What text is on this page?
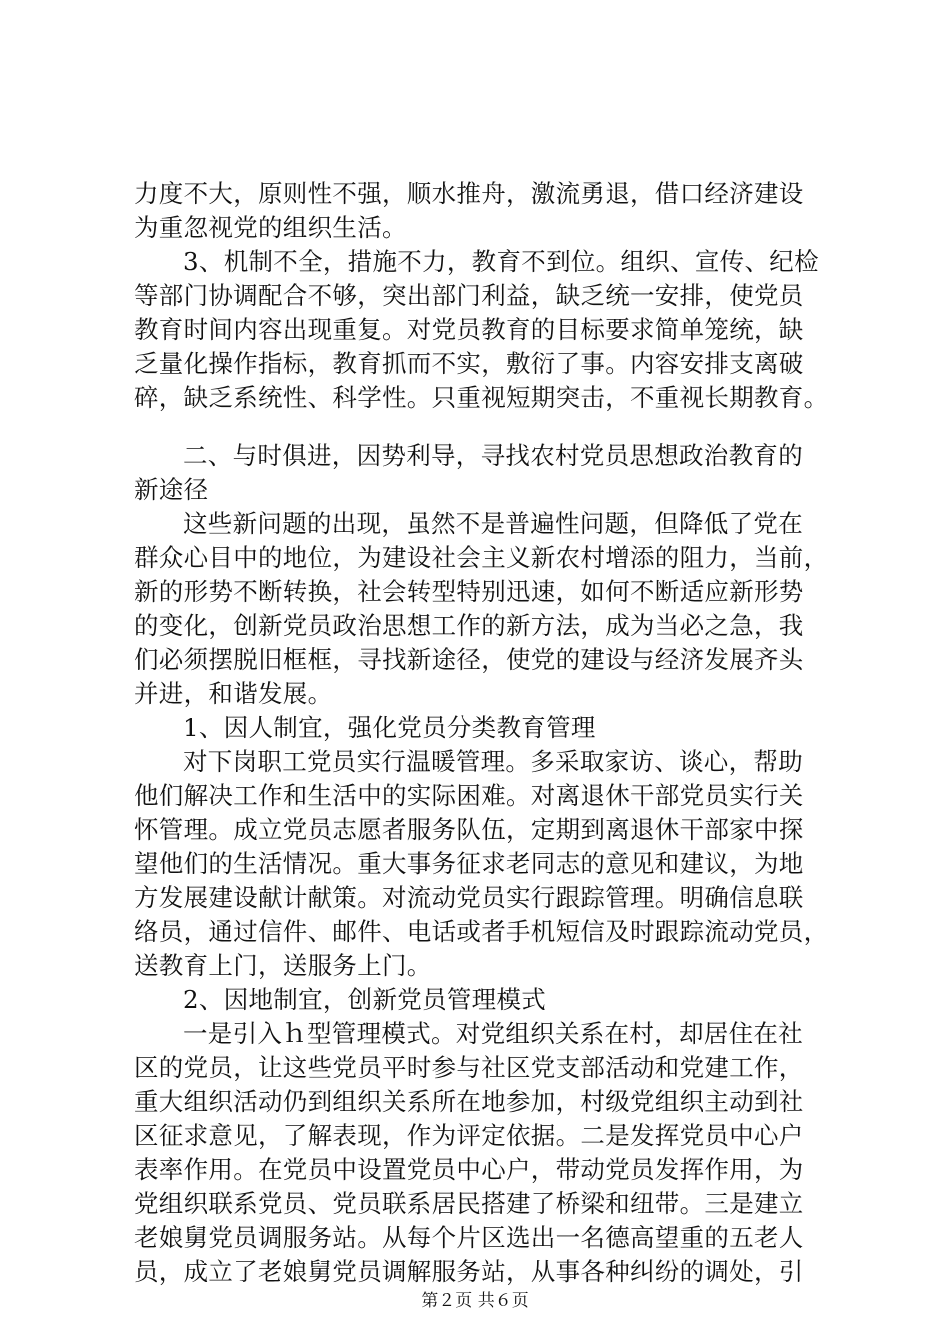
力度不大，原则性不强，顺水推舟，激流勇退，借口经济建设
为重忽视党的组织生活。
3、机制不全，措施不力，教育不到位。组织、宣传、纪检
等部门协调配合不够，突出部门利益，缺乏统一安排，使党员
教育时间内容出现重复。对党员教育的目标要求简单笼统，缺
乏量化操作指标，教育抓而不实，敷衍了事。内容安排支离破
碎，缺乏系统性、科学性。只重视短期突击，不重视长期教育。
二、与时俱进，因势利导，寻找农村党员思想政治教育的
新途径
这些新问题的出现，虽然不是普遍性问题，但降低了党在
群众心目中的地位，为建设社会主义新农村增添的阻力，当前，
新的形势不断转换，社会转型特别迅速，如何不断适应新形势
的变化，创新党员政治思想工作的新方法，成为当必之急，我
们必须摆脱旧框框，寻找新途径，使党的建设与经济发展齐头
并进，和谐发展。
1、因人制宜，强化党员分类教育管理
对下岗职工党员实行温暖管理。多采取家访、谈心，帮助
他们解决工作和生活中的实际困难。对离退休干部党员实行关
怀管理。成立党员志愿者服务队伍，定期到离退休干部家中探
望他们的生活情况。重大事务征求老同志的意见和建议，为地
方发展建设献计献策。对流动党员实行跟踪管理。明确信息联
络员，通过信件、邮件、电话或者手机短信及时跟踪流动党员，
送教育上门，送服务上门。
2、因地制宜，创新党员管理模式
一是引入ｈ型管理模式。对党组织关系在村，却居住在社
区的党员，让这些党员平时参与社区党支部活动和党建工作，
重大组织活动仍到组织关系所在地参加，村级党组织主动到社
区征求意见，了解表现，作为评定依据。二是发挥党员中心户
表率作用。在党员中设置党员中心户，带动党员发挥作用，为
党组织联系党员、党员联系居民搭建了桥梁和纽带。三是建立
老娘舅党员调服务站。从每个片区选出一名德高望重的五老人
员，成立了老娘舅党员调解服务站，从事各种纠纷的调处，引
第２页 共６页
